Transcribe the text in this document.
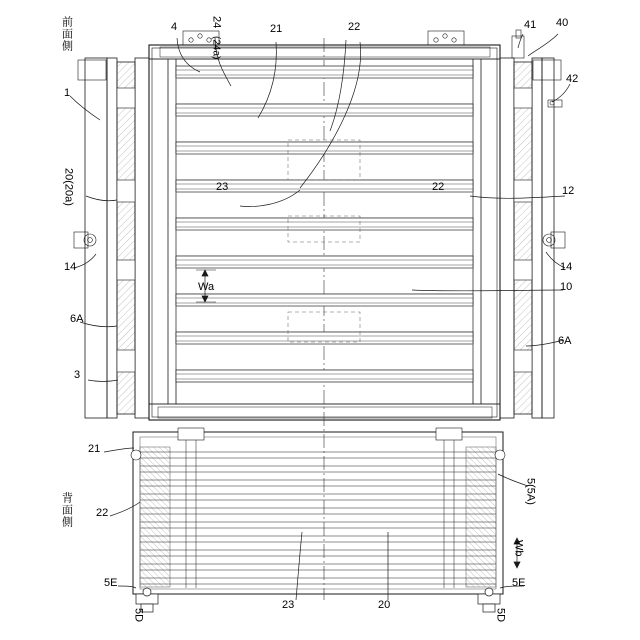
前面側
背面側
4	24
(24a)
21	22
23
41 40
42
12
10
14
6A
1
20(20a)
14
6A
3
Wa
Wb
21
22
23	20
5(5A)
5E	5E
5D	5D
22
